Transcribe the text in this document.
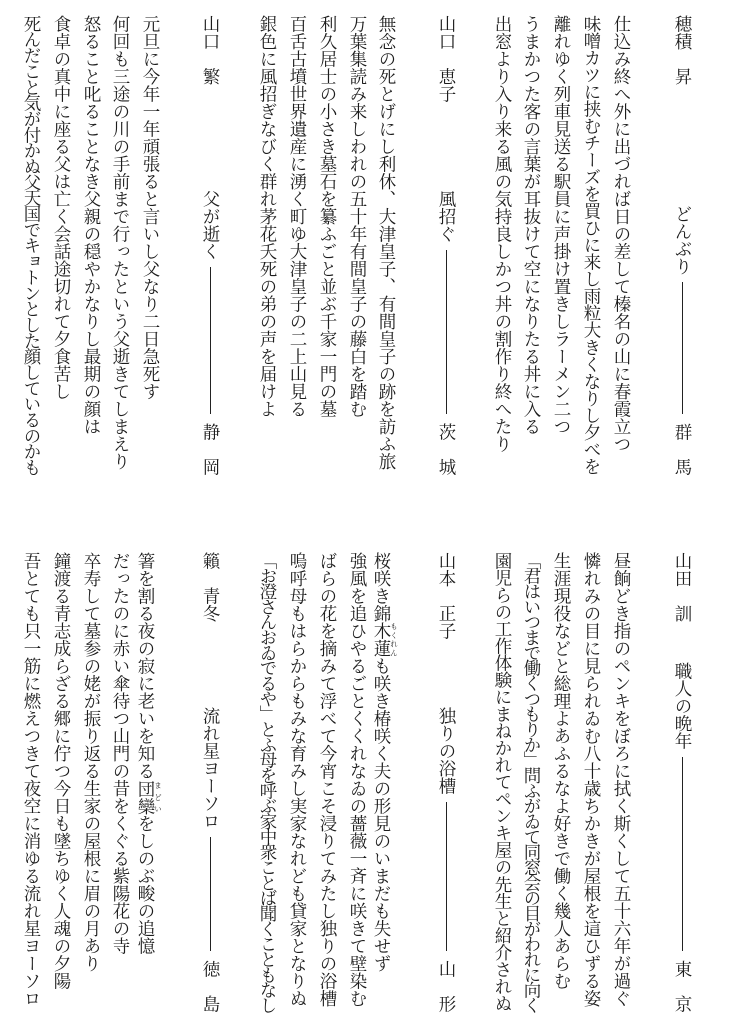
穂積　昇
どんぶり
群　馬
仕込み終へ外に出づれば日の差して榛名の山に春霞立つ
味噌カツに挟むチーズを買ひに来し雨粒大きくなりし夕べを
離れゆく列車見送る駅員に声掛け置きしラーメン二つ
うまかつた客の言葉が耳抜けて空になりたる丼に入る
出窓より入り来る風の気持良しかつ丼の割作り終へたり
山口　恵子
風招ぐ
茨　城
無念の死とげにし利休、大津皇子、有間皇子の跡を訪ふ旅
万葉集読み来しわれの五十年有間皇子の藤白を踏む
利久居士の小さき墓石を纂ふごと並ぶ千家一門の墓
百舌古墳世界遺産に湧く町ゆ大津皇子の二上山見る
銀色に風招ぎなびく群れ茅花夭死の弟の声を届けよ
山口　繁
父が逝く
静　岡
元旦に今年一年頑張ると言いし父なり二日急死す
何回も三途の川の手前まで行ったという父逝きてしまえり
怒ること叱ることなき父親の穏やかなりし最期の顔は
食卓の真中に座る父は亡く会話途切れて夕食苦し
死んだこと気が付かぬ父天国でキョトンとした顔しているのかも
山田　訓
職人の晩年
東　京
昼餉どき指のペンキをぼろに拭く斯くして五十六年が過ぐ
憐れみの目に見られゐむ八十歳ちかきが屋根を這ひずる姿
生涯現役などと総理よあふるなよ好きで働く幾人あらむ
「君はいつまで働くつもりか」問ふがゐて同窓会の目がわれに向く
園児らの工作体験にまねかれてペンキ屋の先生と紹介されぬ
山本　正子
独りの浴槽
山　形
桜咲き錦木蓮もくれんも咲き椿咲く夫の形見のいまだも失せず
強風を追ひやるごとくくれなゐの薔薇一斉に咲きて壁染む
ばらの花を摘みて浮べて今宵こそ浸りてみたし独りの浴槽
嗚呼母もはらからもみな育みし実家なれども貸家となりぬ
「お澄さんおゐでるや」とふ母を呼ぶ家中衆ことば聞くこともなし
籟　青冬
流れ星ヨーソロ
徳　島
箸を割る夜の寂に老いを知る団欒まどいをしのぶ畯の追憶
だったのに赤い傘待つ山門の昔をくぐる紫陽花の寺
卒寿して墓参の姥が振り返る生家の屋根に眉の月あり
鐘渡る青志成らざる郷に佇つ今日も墜ちゆく人魂の夕陽
吾とても只一筋に燃えつきて夜空に消ゆる流れ星ヨーソロ
